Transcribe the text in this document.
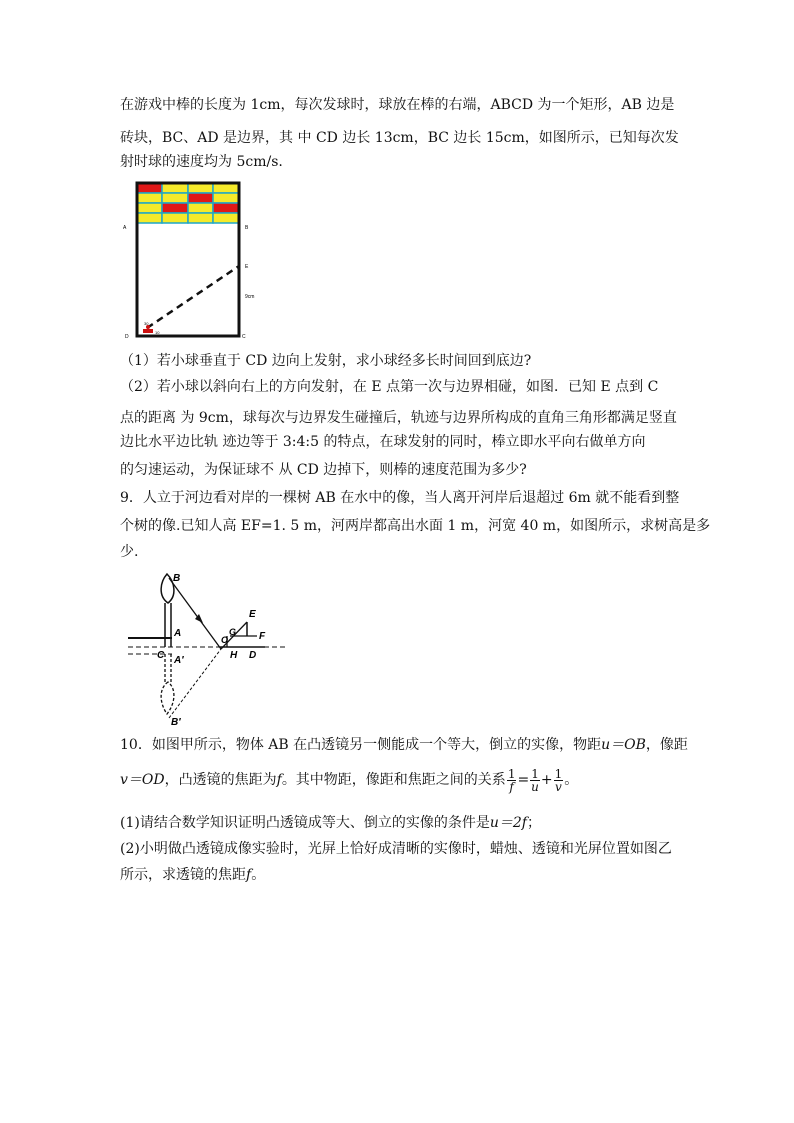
在游戏中棒的长度为 1cm，每次发球时，球放在棒的右端，ABCD 为一个矩形，AB 边是
砖块，BC、AD 是边界，其 中 CD 边长 13cm，BC 边长 15cm，如图所示，已知每次发
射时球的速度均为 5cm/s.
A	B
D	C
E
9cm
30
10
（1）若小球垂直于 CD 边向上发射，求小球经多长时间回到底边?
（2）若小球以斜向右上的方向发射，在 E 点第一次与边界相碰，如图．已知 E 点到 C
点的距离 为 9cm，球每次与边界发生碰撞后，轨迹与边界所构成的直角三角形都满足竖直
边比水平边比轨 迹边等于 3:4:5 的特点，在球发射的同时，棒立即水平向右做单方向
的匀速运动，为保证球不 从 CD 边掉下，则棒的速度范围为多少?
9．人立于河边看对岸的一棵树 AB 在水中的像，当人离开河岸后退超过 6m 就不能看到整
个树的像.已知人高 EF=1. 5 m，河两岸都高出水面 1 m，河宽 40 m，如图所示，求树高是多
少.
B
A
C A′
B′
E
F
G
O
H D
10．如图甲所示，物体 AB 在凸透镜另一侧能成一个等大，倒立的实像，物距u＝OB，像距
v＝OD，凸透镜的焦距为f。其中物距，像距和焦距之间的关系 $\frac{1}{f} = \frac{1}{u} + \frac{1}{v}$ 。
(1)请结合数学知识证明凸透镜成等大、倒立的实像的条件是u＝2f；
(2)小明做凸透镜成像实验时，光屏上恰好成清晰的实像时，蜡烛、透镜和光屏位置如图乙
所示，求透镜的焦距f。
